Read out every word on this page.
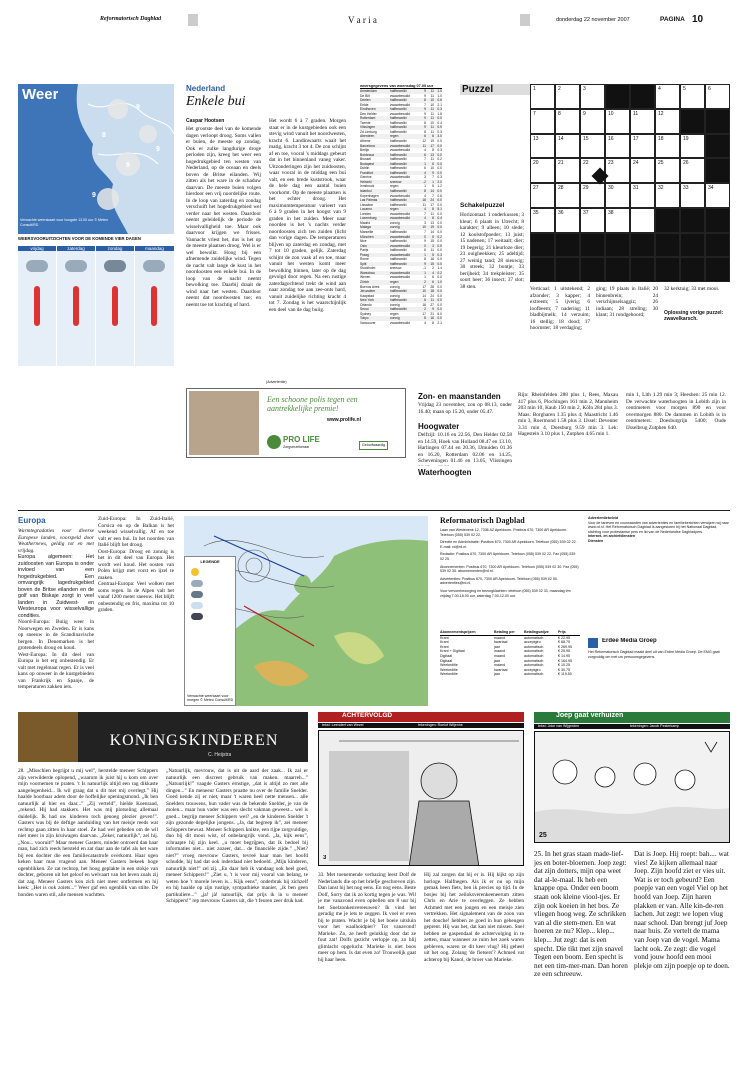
Reformatorisch Dagblad	V a r i a	donderdag 22 november 2007	PAGINA 10
Weer
9
8
9
9
9
Verwachte weerskaart voor hoogste 13.00 uur © Meteo Consult/RD
WEERSVOORUITZICHTEN VOOR DE KOMENDE VIER DAGEN
vrijdag	zaterdag	zondag	maandag
Nederland
Enkele bui
Caspar Hootsen
Het grootste deel van de komende dagen verloopt droog. Soms vallen er buien, de meeste op zondag. Ook er zulke langdurige droge perioden zijn, kreeg het weer een hogedrukgebied ten westen van Nederland, op de oceaan en deels boven de Britse eilanden. Wij zitten als het ware in de schaduw daarvan. De meeste buien volgen hierdoor een vrij noordelijke route. In de loop van zaterdag en zondag verschuift het hogedrukgebied wel verder naar het westen. Daardoor neemt geleidelijk de periode de wisselvalligheid toe. Maar ook daarvoor krijgen we frisses. Vannacht vriest het, dus is het op de meeste plaatsen droog. Wel is er wel bewolkt. Hoog bij een afnemende zuidelijke wind. Tegen de nacht valt lange de kust in het noordoosten een enkele bui. In de loop van de nacht neemt bewolking toe. Daarbij draait de wind naar het westen. Daardoor neemt dat noordwesten toe; en neemt toe tot krachtig of hard.
Het wordt 6 à 7 graden. Morgen staat er in de kustgebieden ook een stevig wind vanuit het noordwesten, kracht 6. Landinwaarts waait het matig, kracht 3 tot 4. De zon schijnt af en toe, vooral 's middags gebeurt dat in het binnenland vaneg vaker. Uitzonderingen zijn het zuidoosten, waar vooral in de middag een bui valt, en een brede kuststrook, waar de hele dag een aantal buien voorkomt. Op de meeste plaatsen is het echter droog. Het maximumtemperatuur varieert van 6 à 9 graden in het hoogst van 9 graden in het zuiden. Meer naar noorden is het 's nachts verder noordoosten zich ten zuiden (licht dan vorige dagen. De temperaturen blijven op zaterdag en zondag, met 7 tot 10 graden, gelijk. Zaterdag schijnt de zon vaak af en toe, maar vanuit het westen komt meer bewolking binnen, later op de dag gevolgd door regen. Na een rustige zaterdagochtend trekt de wind aan naar zondag toe aan zee-onts hard, vanuit zuidelijke richting kracht 4 tot 7. Zondag is het waarschijnlijk een deel van de dag buiig.
weersgegevens van woensdag 07.00 uur
Amsterdam	halfbewolkt	9	11	1.0
De Bilt	zwaarbewolkt	9	11	1.0
Deelen	halfbewolkt	8	10	0.6
Eelde	zwaarbewolkt	7	10	2.1
Eindhoven	halfbewolkt	9	11	0.3
Den Helder	zwaarbewolkt	9	11	1.8
Rotterdam	halfbewolkt	9	11	0.0
Twente	halfbewolkt	8	10	0.4
Vlissingen	halfbewolkt	9	11	0.9
Zd.Limburg	halfbewolkt	8	11	0.3
Aberdeen	regen	6	8	3.0
Athene	halfbewolkt	12	19	0.0
Barcelona	zwaarbewolkt	11	17	0.0
Berlijn	zwaarbewolkt	4	8	0.3
Bordeaux	halfbewolkt	6	13	0.0
Brussel	halfbewolkt	7	11	0.2
Budapest	halfbewolkt	1	6	0.0
Dublin	halfbewolkt	6	10	0.0
Frankfurt	halfbewolkt	4	9	0.0
Genève	zwaarbewolkt	3	7	0.3
Helsinki	sneeuw	-2	1	2.0
Innsbruck	regen	1	5	1.2
Istanbul	halfbewolkt	8	14	0.0
Kopenhagen	zwaarbewolkt	4	7	0.6
Las Palmas	halfbewolkt	18	24	0.0
Lissabon	halfbewolkt	11	17	0.0
Locarno	regen	4	8	5.1
Londen	zwaarbewolkt	7	11	0.0
Luxemburg	zwaarbewolkt	4	8	0.4
Madrid	zonnig	3	13	0.0
Malaga	zonnig	10	19	0.0
Marseille	halfbewolkt	7	14	0.0
München	zwaarbewolkt	0	5	0.2
Nice	halfbewolkt	9	15	0.0
Oslo	zwaarbewolkt	0	3	0.5
Parijs	halfbewolkt	6	11	0.0
Praag	zwaarbewolkt	1	5	0.3
Rome	halfbewolkt	8	16	0.0
Split	halfbewolkt	9	15	0.0
Stockholm	sneeuw	-1	2	1.4
Warschau	zwaarbewolkt	1	4	0.2
Wenen	zwaarbewolkt	1	6	0.0
Zürich	regen	2	6	1.0
Buenos Aires	zonnig	17	28	0.0
Jeruzalem	halfbewolkt	10	18	0.0
Kaapstad	zonnig	14	24	0.0
New York	halfbewolkt	6	11	0.0
Orlando	zonnig	16	27	0.0
Seoul	halfbewolkt	2	9	0.0
Sydney	regen	17	21	6.0
Tokyo	zonnig	8	16	0.0
Vancouver	zwaarbewolkt	4	8	2.1
Puzzel	1	2	3	4	5	6
7	8	9	10	11	12
13	14	15	16	17	18	19
20	21	22	23	24	25	26
27	28	29	30	31	32	33	34
35	36	37	38
Schakelpuzzel
Horizontaal: 1 onderkussen; 3 kleur; 6 plaats in Utrecht; 8 karakter; 9 alleen; 10 slede; 12 koolstofpoeder; 13 juist; 15 nadenen; 17 weitaalt; dier; 19 begerig; 21 kleurloze dier; 23 ouigheekken; 25 adeltijd; 27 weinig tand; 28 nieuwig; 30 streek; 32 bontje; 33 berijheid; 34 trekpleister; 35 soort heer; 36 insect; 37 slot; 38 sten.	Verticaal: 1 uitstekend; 2 afzonder; 3 kapper; 4 extreem; 5 ijverig; 6 loofbeem; 7 nadering; 11 bladbijmelk; 14 verzuim; 16 stellig; 18 dood; 17 hoornster; 18 verdaging;
ging; 19 plaats in Italië; 20 binnenbrein; 24 verschijnselsaggiz; 26 indiaan; 28 streling; 30 klant; 31 rondgehoord;
32 kerktuig; 33 met mooi.
Oplossing vorige puzzel: zwavelkarsch.
(Advertentie)
Een schoone polis tegen een aantrekkelijke premie!
www.prolife.nl
PRO LIFE
Zorgverzekeraar	Geloofwaardig
Zon- en maanstanden
Vrijdag 23 november, zon op 08.13, onder 16.40; maan op 15.20, onder 05.47.
Hoogwater
Delfzijl: 10.16 en 22.56, Den Helder 02.58 en 14.59, Hoek van Holland 08.47 en 13.10, Harlingen 07.44 en 20.36, IJmuiden 01.36 en 16.20, Rotterdam 02.06 en 14.25, Scheveningen 01.46 en 13.05, Vlissingen
Waterhoogten
Rijn: Rheinfelden 288 plus 1, Rees, Maxau 417 plus 6, Plochingen 161 min 2, Mannheim 203 min 10, Kaub 150 min 2, Köln 284 plus 3. Maas: Borgharen 1.35 plus 4; Maastricht 1.46 min 3, Roermond 1.58 plus 3. IJssel: Deventer 3.31 min 4, Doesburg 9.59 min 3. Lek: Hagestein 3.10 plus 1, Zutphen 4.65 min 1.
min 1, Lith 1.29 min 3; Heeshen: 25 min 12. De verwachte waterhoogten in Lobith zijn in centimeters voor morgen 890 en voor overmorgen 880. De dammen in Lobith is in centimeters: Doesburgrijn 5400; Oude IJsselbrug Zutphen 640.
Europa
Warmtegradaties voor diverse Europese landen, voorspeld door Weathernews, geldig tot en met vrijdag.
Europa algemeen: Het zuidoosten van Europa is onder invloed van een hogedrukgebied. Een omvangrijk lagedrukgebied boven de Britse eilanden en de golf van Biskaje zorgt in veel landen in Zuidwest- en Westeuropa voor wisselvallige condities.
Noord-Europa: Buiig weer in Noorwegen en Zweden. Er is kans op sneeuw in de Scandinavische bergen. In Denemarken is het grotendeels droog en koud.
West-Europa: In dit deel van Europa is het erg onbestendig. Er valt met regelmaat regen. Er is veel kans op onweer in de kustgebieden van Frankrijk en Spanje, de temperaturen zakken iets.
Zuid-Europa: In Zuid-Italië, Corsica en op de Balkan is het weekend wisselvallig. Af en toe valt er een bui. In het noorden van Italië blijft het droog.
Oost-Europa: Droog en zonnig is het in dit deel van Europa. Het wordt wel koud. Het oosten van Polen krijgt met vorst en ijzel te maken.
Centraal-Europa: Veel wolken met soms regen. In de Alpen valt het vanaf 1200 meter sneeuw. Het blijft onbestendig en fris, maxima tot 10 graden.
LEGENDE
Verwachte weerkaart voor morgen © Meteo Consult/RD
Reformatorisch Dagblad
Laan van Westenenk 12, 7336 AZ Apeldoorn. Postbus 670, 7300 AR Apeldoorn. Telefoon (055) 539 02 22.
Directie en Administratie: Postbus 670, 7300 AR Apeldoorn. Telefoon (055) 539 02 22. E-mail: rd@rd.nl.
Redactie: Postbus 670, 7300 AR Apeldoorn. Telefoon (055) 539 02 22. Fax (055) 539 02 25.
Abonnementen: Postbus 670, 7300 AR Apeldoorn. Telefoon (055) 539 02 30. Fax (055) 539 02 35. abonnementen@rd.nl.
Advertenties: Postbus 670, 7300 AR Apeldoorn. Telefoon (055) 539 02 50. advertenties@rd.nl.
Voor vervoerbezorging en bezorgklachten: telefoon (055) 539 02 33, maandag t/m vrijdag 7.00-18.00 uur, zaterdag 7.00-12.00 uur.
Abonnementsprijzen	Betaling per	Betalingswijze	Prijs
Krant	maand	automatisch	€ 22.95
Krant	kwartaal	acceptgiro	€ 68.75
Krant	jaar	automatisch	€ 269.95
Krant + Digitaal	maand	automatisch	€ 25.95
Digitaal	maand	automatisch	€ 14.95
Digitaal	jaar	automatisch	€ 164.95
Weekeditie	maand	automatisch	€ 10.25
Weekeditie	kwartaal	acceptgiro	€ 30.75
Weekeditie	jaar	automatisch	€ 119.50
Advertentiebeleid
Voor de tarieven en voorwaarden van advertenties en familieberichten verwijzen wij naar www.rd.nl. Het Reformatorisch Dagblad is aangesloten bij het Nationaal Dagblad, stichting voor protestantse pers en lid van de Nederlandse Dagbladpers.
Internet- en archiefdiensten
Diensten
Erdee Media Groep
Het Reformatorisch Dagblad maakt deel uit van Erdee Media Groep. De EMG gaat zorgvuldig om met uw persoonsgegevens.
KONINGSKINDEREN
C. Heijstra
28. „Misschien begrijpt u mij wel”, herstelde meneer Schippers zijn verwilderde oplopend, „waarom ik juist hij u kom om over mijn voornemen te praten. 't Is natuurlijk altijd een rag dikkaste aangelegenheid... Ik wil graag dat u dit met mij overlegt.” Hij haalde hoorbaar adem door de hoffelijke openingsmond. „Ik ben natuurlijk al hier en daar...” „Zij verteld”, hielde Koenraad, „rekend. Hij had stakkers. Het was mij plotseling allemaal duidelijk. Ik had uw kinderen toch genoeg plezier geven!”. Gasters was bij de deftige aanduiding van het meisje reeds wat rechtop gaan zitten in haar stoel. Ze had wel gebeden om de wil niet meer in zijn kruiwagen daarvan. „Zeker, natuurlijk”, zei hij. „Nou... vooruit!” Maar meneer Gasters, minder ontroerd dan haar man, had zich reeds hersteld en zat daar aan de tafel als het ware bij een dochter die een familiecatastrofe overkomt. Haar ogen keken haar man vragend aan. Meneer Gasters bekeek hoge ogenblikken. Ze zat rechtop, het hoog geplakte in een stokje van dochter, geboren uit het geloof en welvaart van het leven zoals zij dat zag. Meneer Gasters kon zich niet meer ontfermen en hij keek: „Het is ook zoiets...” Weer gaf een ogenblik van stilte. De honden waren stil, alle mensen wachtten.
„Natuurlijk, mevrouw, dat is uit de aard der zaak... Ik zal er natuurlijk een discreet gebruik van maken. maarreh...” „Natuurlijk!” vaagde Gasters ernstige, „dat is altijd zo met alle dingen...” En meneeur Gasters praatte nu over de familie Snelder. Goed kende zij er niet, maar 't waren heel nette mensen... alle Snelders trouwens, hun vader was de bekende Snelder, je van de molen... maar hun vader was een slecht vakman geweest... wel is goed... begrijp meneer Schippers wel? „en de kinderen Snelder 't zijn gezonde degelijke jongens. „Ja, dat begreep ik”, zei meneer Schippers bewust. Meneer Schippers knikte, een rijpe zorgvuldige, duo bij dit mooi wist, of onbelangrijk vond. „Ja, kijk eens”, schraapte hij zijn keel. „u moet begrijpen, dat ik bedoel bij informaties niet... niet zozeer, dat... de financiële zijde.” „Niet? niet?” vroeg mevrouw Gasters, tevreé haar man het hoofd schudde, hij had dat ook inderdaad niet bedoeld. „Mijn kinderen, natuurlijk niet!” zei zij. „En daar heb ik vandaag ook heel goed, meneer Schippers!” „Ziet u, 't is voor mij vooral van belang, te weten hoe 't morele leven is... Kijk eens”, onderbrak hij zichzelf en hij haalde op zijn rustige, sympathieke manier, „ik ben geen partikuliere...” „ja! jà! natuurlijk, dat prijs ik in u meneer Schippers!” rep mevrouw Gasters uit, die 't feuren zeer druk had.
ACHTERVOLGD
tekst: Leendert van Wezel	tekeningen: Roelof Wiljenhe
3
33. Met toenemende verbazing leest Dolf de Nederlands die op het briefje geschreven zijn. Dan lanst hij het nog eens. En nog eens. Beste Dolf, Sorry dat ik zo kortig tegen je was. Wil je me vanavond even opbellen om 8 uur bij het Snelzonkenvereeuwen? Ik vind het geradig me je iets te zeggen. Ik voel er even bij te praten. Wacht je bij het boeie uitsluin voor het waalhoidpier? Tot vanavond! Marieke. Zo, ze heeft gelukkig door dat ze fout zat! Dolfs gezicht verlopje op, zo blij glimlacht opgelucht. Marieke is niet boos meer op hem. Is dat even zo! Trouwelijk gaat hij haar heen.
Hij zal zorgen dat hij er is. Hij kijkt op zijn horloge. Halfnegen. Als ik er nu op mijn gemak heen fiets, ben ik precies op tijd. In de bosjes bij het zeiloksverenkeeneerum zitten Chris en Arie te overleggen. Ze hebben Achmed met een jongen en een meisje zien vertrekken. Het signalement van de zoon van het douche! hebben ze goed in hun geheugen geprent. Hij was het, dat kan niet missen. Snel hebben ze gaspendaal de achtervolging in te zetten, maar wanneer ze ruim het zoek waren gebleven, waren ze dit keer vlug? Hij geheel uit het oog. Zolang 'de fietsers'? Achmed vat achterop bij Kanol, de broer van Marieke.
Joep gaat verhuizen
tekst: Joke van Wijgerden	tekeningen: Jacob Pesterkamp
25
25. In het gras staan made-lief-jes en boter-bloemen. Joep zegt: dat zijn dotters, mijn opa weet dat al-le-maal. Ik heb een knappe opa. Onder een boom staan ook kleine viool-tjes. Er zijn ook koeien in het bos. Ze vliegen hoog weg. Ze schrikken van al die stem-men. En wat hoeren ze nu? Klep... klep... klep... Jut zegt: dat is een specht. Die tikt met zijn snavel Tegen een boom. Een specht is net een tim-mer-man. Dan horen ze een schreeuw.
Dat is Joep. Hij roept: bah.... wat vies! Ze kijken allemaal naar Joep. Zijn hoofd ziet er vies uit. Wat is er toch gebeurd? Een poepje van een vogel Viel op het hoofd van Joep. Zijn haren plakken er van. Alle kin-de-ren lachen. Jut zegt: we lopen vlug naar school. Dan brengt juf Joep naar huis. Ze vertelt de mama van Joep van de vogel. Mama lacht ook. Ze zegt: die vogel vond jouw hoofd een mooi plekje om zijn poepje op te doen.
